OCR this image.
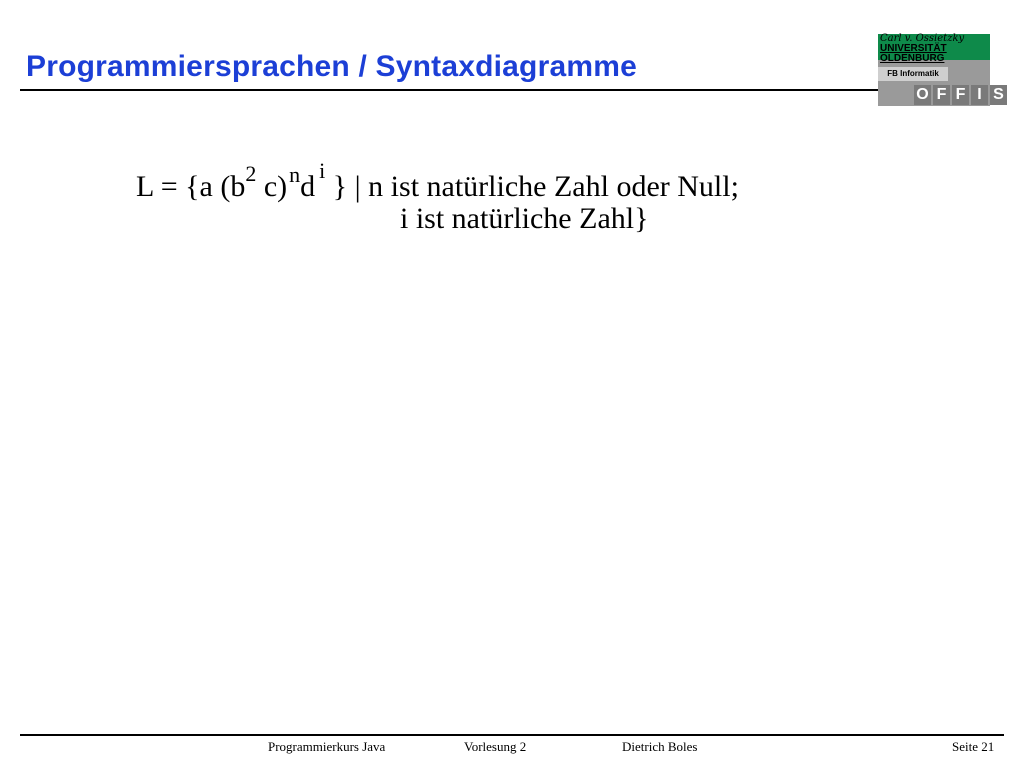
Programmiersprachen / Syntaxdiagramme
Carl v. Ossietzky
UNIVERSITÄT
OLDENBURG
FB Informatik
O F F I S
L = {a ($b^2$ c)$^n$d $^i$ } | n ist natürliche Zahl oder Null;
i ist natürliche Zahl}
Programmierkurs Java	Vorlesung 2	Dietrich Boles	Seite 21
